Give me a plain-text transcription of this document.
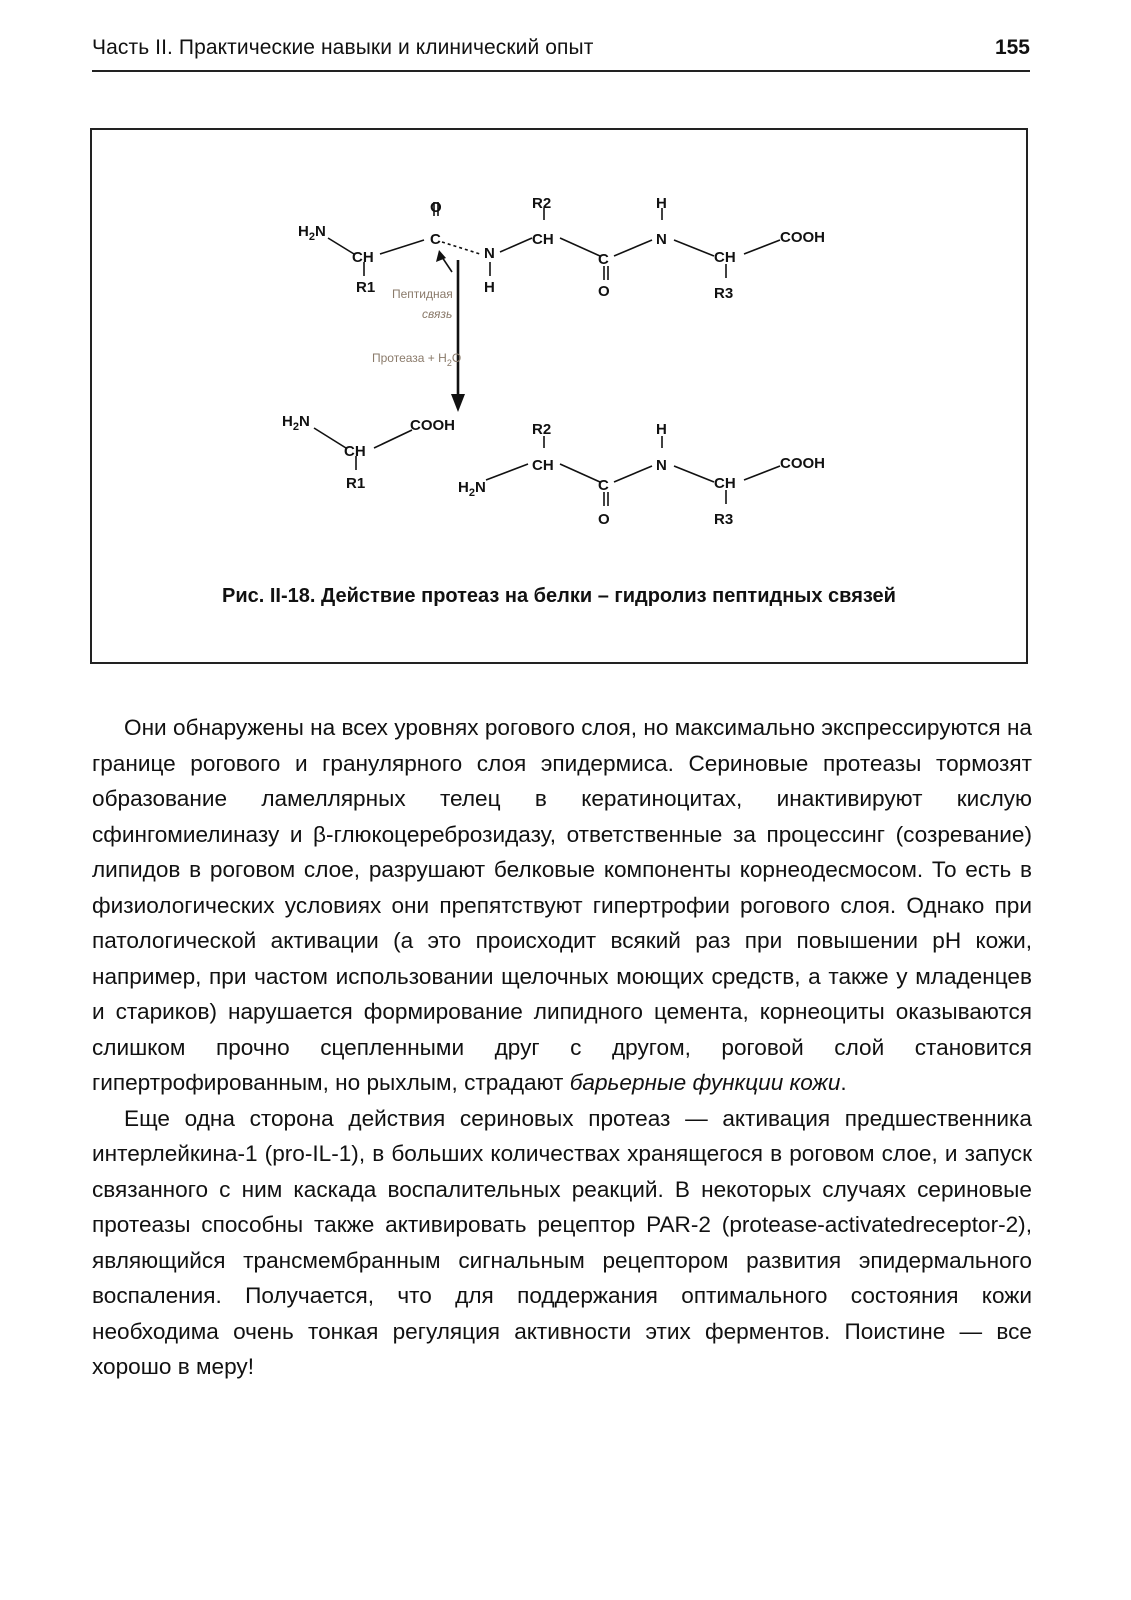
Часть II. Практические навыки и клинический опыт	155
$H_2N$
CH
R1
O
C
N
H
R2
CH
C
O
H
N
CH
R3
COOH
Пептидная
связь
Протеаза + $H_2O$
$H_2N$
CH
R1
COOH
$H_2N$
R2
CH
C
O
H
N
CH
R3
COOH
Рис. II-18. Действие протеаз на белки – гидролиз пептидных связей

Они обнаружены на всех уровнях рогового слоя, но максимально экспрессируются на границе рогового и гранулярного слоя эпидермиса. Сериновые протеазы тормозят образование ламеллярных телец в кератиноцитах, инактивируют кислую сфингомиелиназу и β-глюкоцереброзидазу, ответственные за процессинг (созревание) липидов в роговом слое, разрушают белковые компоненты корнеодесмосом. То есть в физиологических условиях они препятствуют гипертрофии рогового слоя. Однако при патологической активации (а это происходит всякий раз при повышении pH кожи, например, при частом использовании щелочных моющих средств, а также у младенцев и стариков) нарушается формирование липидного цемента, корнеоциты оказываются слишком прочно сцепленными друг с другом, роговой слой становится гипертрофированным, но рыхлым, страдают барьерные функции кожи.

Еще одна сторона действия сериновых протеаз — активация предшественника интерлейкина-1 (pro-IL-1), в больших количествах хранящегося в роговом слое, и запуск связанного с ним каскада воспалительных реакций. В некоторых случаях сериновые протеазы способны также активировать рецептор PAR-2 (protease-activatedreceptor-2), являющийся трансмембранным сигнальным рецептором развития эпидермального воспаления. Получается, что для поддержания оптимального состояния кожи необходима очень тонкая регуляция активности этих ферментов. Поистине — все хорошо в меру!
